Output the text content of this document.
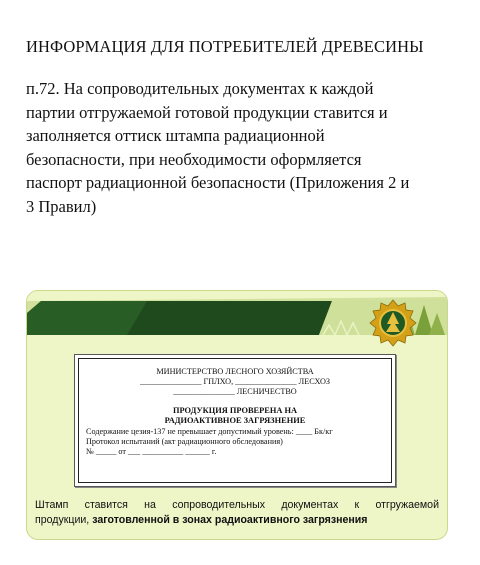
ИНФОРМАЦИЯ ДЛЯ ПОТРЕБИТЕЛЕЙ ДРЕВЕСИНЫ
п.72. На сопроводительных документах к каждой
партии отгружаемой готовой продукции ставится и
заполняется оттиск штампа радиационной
безопасности, при необходимости оформляется
паспорт радиационной безопасности (Приложения 2 и
3 Правил)
МИНИСТЕРСТВО ЛЕСНОГО ХОЗЯЙСТВА
_______________ ГПЛХО, _______________ ЛЕСХОЗ
_______________ ЛЕСНИЧЕСТВО
ПРОДУКЦИЯ ПРОВЕРЕНА НА
РАДИОАКТИВНОЕ ЗАГРЯЗНЕНИЕ
Содержание цезия-137 не превышает допустимый уровень: ____ Бк/кг
Протокол испытаний (акт радиационного обследования)
№ _____ от ___ __________ ______ г.
Штамп ставится на сопроводительных документах к отгружаемой
продукции, заготовленной в зонах радиоактивного загрязнения
